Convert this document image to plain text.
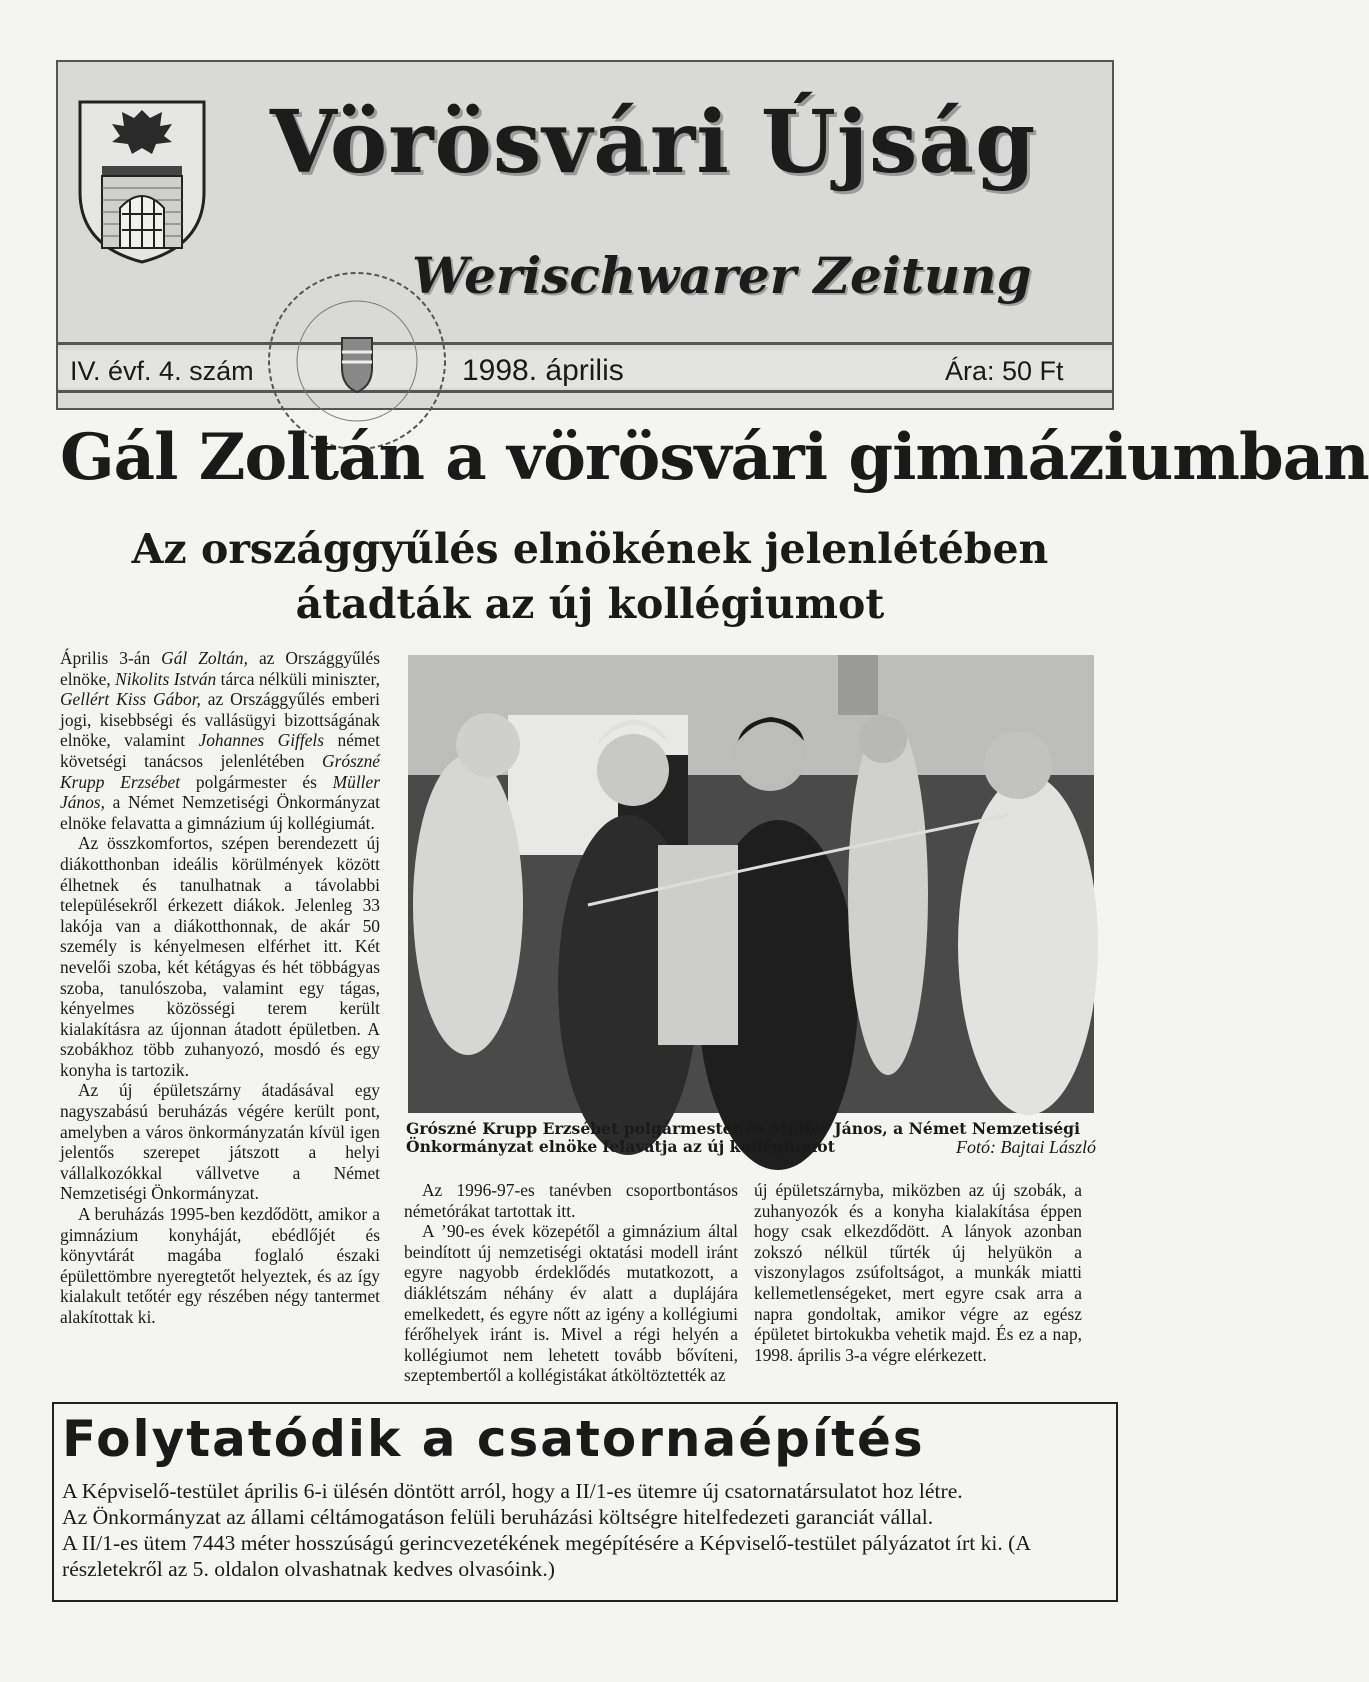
Vörösvári Újság
Werischwarer Zeitung
IV. évf. 4. szám	1998. április	Ára: 50 Ft
Gál Zoltán a vörösvári gimnáziumban
Az országgyűlés elnökének jelenlétében
átadták az új kollégiumot

Április 3-án Gál Zoltán, az Országgyűlés elnöke, Nikolits István tárca nélküli miniszter, Gellért Kiss Gábor, az Országgyűlés emberi jogi, kisebbségi és vallásügyi bizottságának elnöke, valamint Johannes Giffels német követségi tanácsos jelenlétében Grószné Krupp Erzsébet polgármester és Müller János, a Német Nemzetiségi Önkormányzat elnöke felavatta a gimnázium új kollégiumát.

Az összkomfortos, szépen berendezett új diákotthonban ideális körülmények között élhetnek és tanulhatnak a távolabbi településekről érkezett diákok. Jelenleg 33 lakója van a diákotthonnak, de akár 50 személy is kényelmesen elférhet itt. Két nevelői szoba, két kétágyas és hét többágyas szoba, tanulószoba, valamint egy tágas, kényelmes közösségi terem került kialakításra az újonnan átadott épületben. A szobákhoz több zuhanyozó, mosdó és egy konyha is tartozik.

Az új épületszárny átadásával egy nagyszabású beruházás végére került pont, amelyben a város önkormányzatán kívül igen jelentős szerepet játszott a helyi vállalkozókkal vállvetve a Német Nemzetiségi Önkormányzat.

A beruházás 1995-ben kezdődött, amikor a gimnázium konyháját, ebédlőjét és könyvtárát magába foglaló északi épülettömbre nyeregtetőt helyeztek, és az így kialakult tetőtér egy részében négy tantermet alakítottak ki.

Grószné Krupp Erzsébet polgármester és Müller János, a Német Nemzetiségi Önkormányzat elnöke felavatja az új kollégiumot	Fotó: Bajtai László

Az 1996-97-es tanévben csoportbontásos németórákat tartottak itt.

A ’90-es évek közepétől a gimnázium által beindított új nemzetiségi oktatási modell iránt egyre nagyobb érdeklődés mutatkozott, a diáklétszám néhány év alatt a duplájára emelkedett, és egyre nőtt az igény a kollégiumi férőhelyek iránt is. Mivel a régi helyén a kollégiumot nem lehetett tovább bővíteni, szeptembertől a kollégistákat átköltöztették az

új épületszárnyba, miközben az új szobák, a zuhanyozók és a konyha kialakítása éppen hogy csak elkezdődött. A lányok azonban zokszó nélkül tűrték új helyükön a viszonylagos zsúfoltságot, a munkák miatti kellemetlenségeket, mert egyre csak arra a napra gondoltak, amikor végre az egész épületet birtokukba vehetik majd. És ez a nap, 1998. április 3-a végre elérkezett.

Folytatódik a csatornaépítés

A Képviselő-testület április 6-i ülésén döntött arról, hogy a II/1-es ütemre új csatornatársulatot hoz létre.

Az Önkormányzat az állami céltámogatáson felüli beruházási költségre hitelfedezeti garanciát vállal.

A II/1-es ütem 7443 méter hosszúságú gerincvezetékének megépítésére a Képviselő-testület pályázatot írt ki. (A részletekről az 5. oldalon olvashatnak kedves olvasóink.)
